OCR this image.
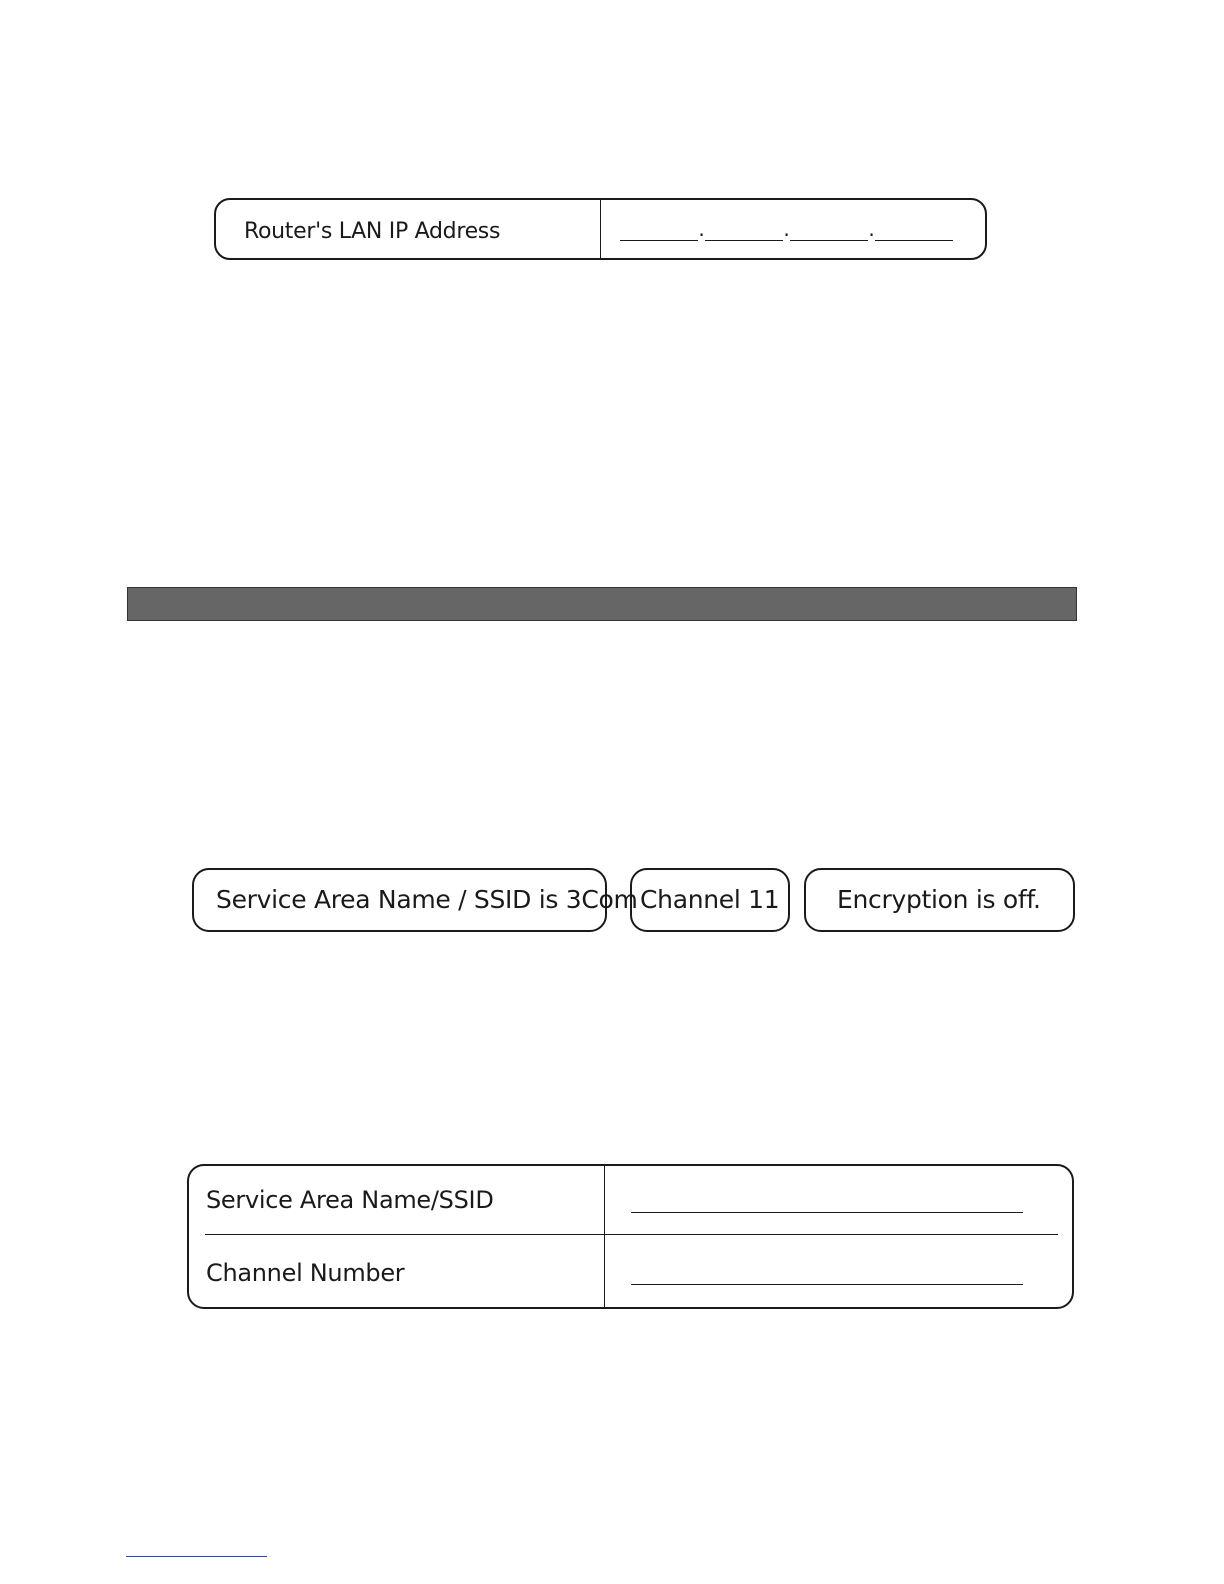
Router's LAN IP Address	.	.	.
Service Area Name / SSID is 3Com Channel 11	Encryption is off.
Service Area Name/SSID
Channel Number
